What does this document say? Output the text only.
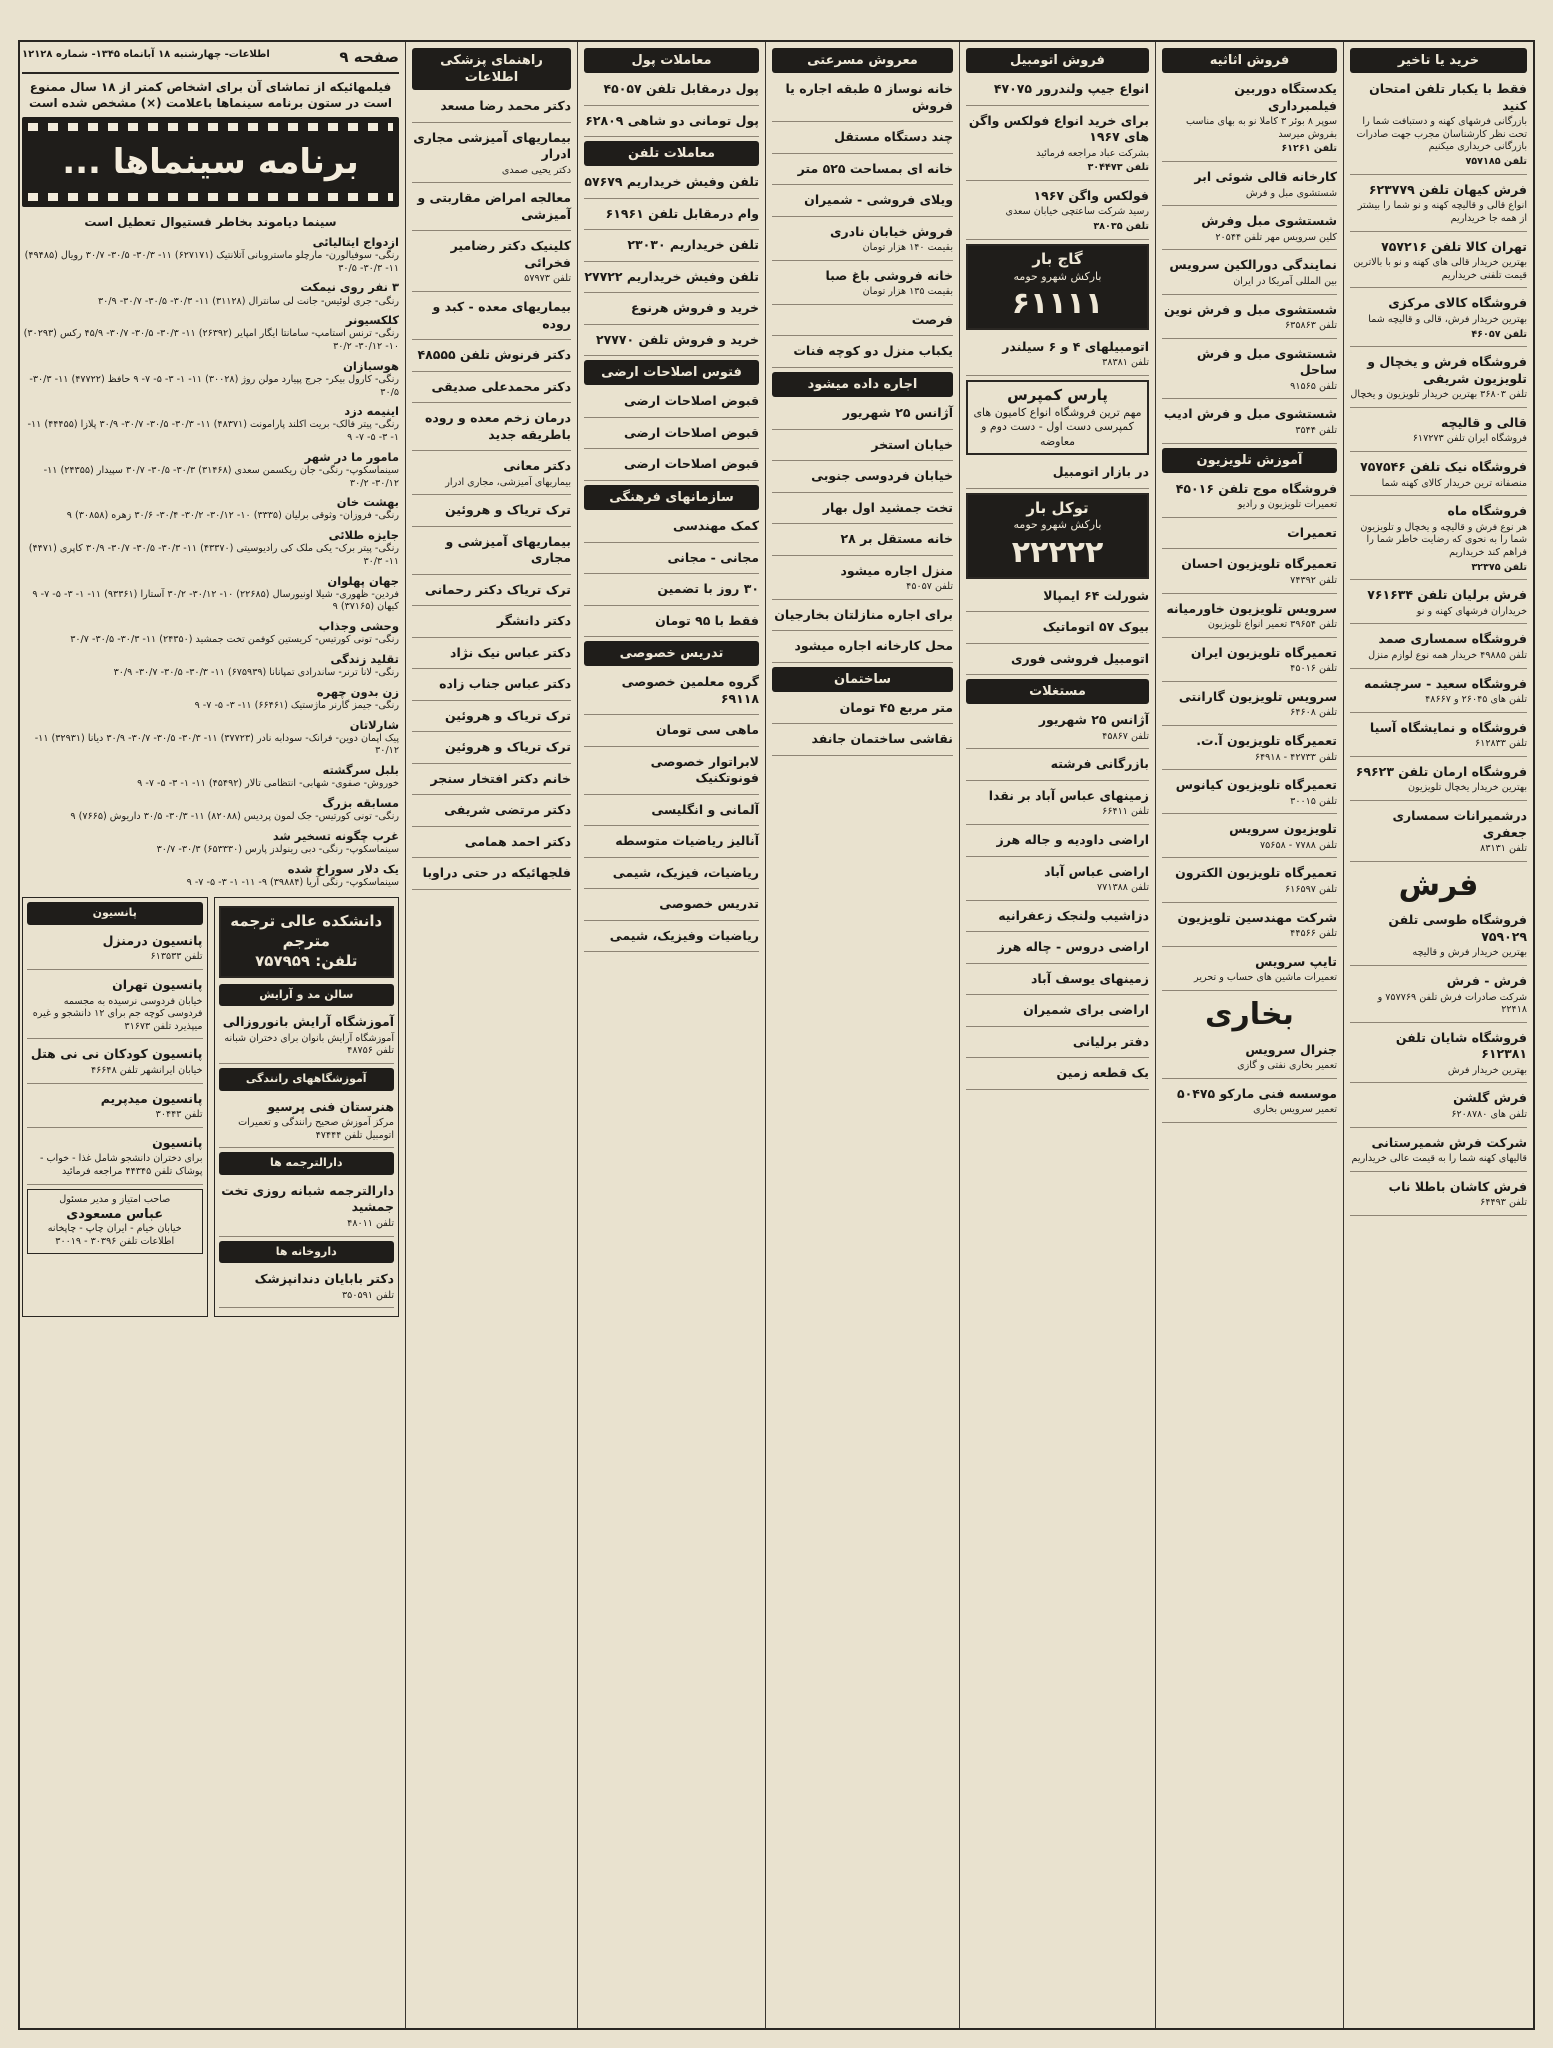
خرید یا تاخیر
فقط با یکبار تلفن امتحان کنید

بازرگانی فرشهای کهنه و دستبافت شما را تحت نظر کارشناسان مجرب جهت صادرات بازرگانی خریداری میکنیم

تلفن ۷۵۷۱۸۵
فرش کیهان تلفن ۶۲۳۷۷۹

انواع قالی و قالیچه کهنه و نو شما را بیشتر از همه جا خریداریم

تهران کالا تلفن ۷۵۷۲۱۶

بهترین خریدار قالی های کهنه و نو با بالاترین قیمت تلفنی خریداریم

فروشگاه کالای مرکزی

بهترین خریدار فرش، قالی و قالیچه شما

تلفن ۴۶۰۵۷
فروشگاه فرش و یخچال و تلویزیون شریفی

تلفن ۳۶۸۰۳ بهترین خریدار تلویزیون و یخچال

قالی و قالیچه

فروشگاه ایران تلفن ۶۱۷۲۷۳

فروشگاه نیک تلفن ۷۵۷۵۴۶

منصفانه ترین خریدار کالای کهنه شما

فروشگاه ماه

هر نوع فرش و قالیچه و یخچال و تلویزیون شما را به نحوی که رضایت خاطر شما را فراهم کند خریداریم

تلفن ۳۲۳۷۵
فرش برلیان تلفن ۷۶۱۶۳۴

خریداران فرشهای کهنه و نو

فروشگاه سمساری صمد

تلفن ۴۹۸۸۵ خریدار همه نوع لوازم منزل

فروشگاه سعید - سرچشمه

تلفن های ۲۶۰۴۵ و ۴۸۶۶۷

فروشگاه و نمایشگاه آسیا

تلفن ۶۱۲۸۳۳

فروشگاه ارمان تلفن ۶۹۶۲۳

بهترین خریدار یخچال تلویزیون

درشمیرانات سمساری جعفری

تلفن ۸۳۱۳۱

فرش
فروشگاه طوسی تلفن ۷۵۹۰۲۹

بهترین خریدار فرش و قالیچه

فرش - فرش

شرکت صادرات فرش تلفن ۷۵۷۷۶۹ و ۲۲۴۱۸

فروشگاه شایان تلفن ۶۱۲۳۸۱

بهترین خریدار فرش

فرش گلشن

تلفن های ۶۲۰۸۷۸۰

شرکت فرش شمیرستانی

قالیهای کهنه شما را به قیمت عالی خریداریم

فرش کاشان باطلا ناب

تلفن ۶۴۴۹۳

فروش اثاثیه
یکدستگاه دوربین فیلمبرداری

سوپر ۸ بوئر ۳ کاملا نو به بهای مناسب بفروش میرسد

تلفن ۶۱۲۶۱
کارخانه قالی شوئی ابر

شستشوی مبل و فرش

شستشوی مبل وفرش

کلین سرویس مهر تلفن ۲۰۵۴۴

نمایندگی دورالکین سرویس

بین المللی آمریکا در ایران

شستشوی مبل و فرش نوین

تلفن ۶۳۵۸۶۳

شستشوی مبل و فرش ساحل

تلفن ۹۱۵۶۵

شستشوی مبل و فرش ادیب

تلفن ۳۵۴۴

آموزش تلویزیون
فروشگاه موج تلفن ۴۵۰۱۶

تعمیرات تلویزیون و رادیو

تعمیرات
تعمیرگاه تلویزیون احسان

تلفن ۷۴۳۹۲

سرویس تلویزیون خاورمیانه

تلفن ۳۹۶۵۴ تعمیر انواع تلویزیون

تعمیرگاه تلویزیون ایران

تلفن ۴۵۰۱۶

سرویس تلویزیون گارانتی

تلفن ۶۴۶۰۸

تعمیرگاه تلویزیون آ.ت.

تلفن ۴۲۷۳۳ - ۶۴۹۱۸

تعمیرگاه تلویزیون کیانوس

تلفن ۳۰۰۱۵

تلویزیون سرویس

تلفن ۷۷۸۸ - ۷۵۶۵۸

تعمیرگاه تلویزیون الکترون

تلفن ۶۱۶۵۹۷

شرکت مهندسین تلویزیون

تلفن ۴۴۵۶۶

تایپ سرویس

تعمیرات ماشین های حساب و تحریر

بخاری
جنرال سرویس

تعمیر بخاری نفتی و گازی

موسسه فنی مارکو ۵۰۴۷۵

تعمیر سرویس بخاری

فروش اتومبیل
انواع جیپ ولندرور ۴۷۰۷۵
برای خرید انواع فولکس واگن های ۱۹۶۷

بشرکت عباد مراجعه فرمائید

تلفن ۳۰۴۴۷۳
فولکس واگن ۱۹۶۷

رسید شرکت ساعتچی خیابان سعدی

تلفن ۳۸۰۳۵
گاج بار
بارکش شهرو حومه
۶۱۱۱۱
اتومبیلهای ۴ و ۶ سیلندر

تلفن ۳۸۳۸۱

پارس کمپرس
مهم ترین فروشگاه انواع کامیون های کمپرسی دست اول - دست دوم و معاوضه
در بازار اتومبیل
توکل بار
بارکش شهرو حومه
۲۲۲۲۲
شورلت ۶۴ ایمپالا
بیوک ۵۷ اتوماتیک
اتومبیل فروشی فوری
مستغلات
آژانس ۲۵ شهریور

تلفن ۴۵۸۶۷

بازرگانی فرشته
زمینهای عباس آباد بر نقدا

تلفن ۶۶۴۱۱

اراضی داودیه و جاله هرز
اراضی عباس آباد

تلفن ۷۷۱۳۸۸

دزاشیب ولنجک زعفرانیه
اراضی دروس - چاله هرز
زمینهای یوسف آباد
اراضی برای شمیران
دفتر برلیانی
یک قطعه زمین
معروش مسرعتی
خانه نوساز ۵ طبقه اجاره یا فروش
چند دستگاه مستقل
خانه ای بمساحت ۵۲۵ متر
ویلای فروشی - شمیران
فروش خیابان نادری

بقیمت ۱۴۰ هزار تومان

خانه فروشی باغ صبا

بقیمت ۱۳۵ هزار تومان

فرصت
یکباب منزل دو کوچه فنات
اجاره داده میشود
آژانس ۲۵ شهریور
خیابان استخر
خیابان فردوسی جنوبی
تخت جمشید اول بهار
خانه مستقل بر ۲۸
منزل اجاره میشود

تلفن ۴۵۰۵۷

برای اجاره منازلتان بخارجیان
محل کارخانه اجاره میشود
ساختمان
متر مربع ۴۵ تومان
نقاشی ساختمان جانفد
معاملات پول
پول درمقابل تلفن ۴۵۰۵۷
پول تومانی دو شاهی ۶۲۸۰۹
معاملات تلفن
تلفن وفیش خریداریم ۵۷۶۷۹
وام درمقابل تلفن ۶۱۹۶۱
تلفن خریداریم ۲۳۰۳۰
تلفن وفیش خریداریم ۲۷۷۲۲
خرید و فروش هرنوع
خرید و فروش تلفن ۲۷۷۷۰
فتوس اصلاحات ارضی
قبوض اصلاحات ارضی
قبوض اصلاحات ارضی
قبوض اصلاحات ارضی
سازمانهای فرهنگی
کمک مهندسی
مجانی - مجانی
۳۰ روز با تضمین
فقط با ۹۵ تومان
تدریس خصوصی
گروه معلمین خصوصی ۶۹۱۱۸
ماهی سی تومان
لابراتوار خصوصی فونوتکنیک
آلمانی و انگلیسی
آنالیز ریاضیات متوسطه
ریاضیات، فیزیک، شیمی
تدریس خصوصی
ریاضیات وفیزیک، شیمی
راهنمای پزشکی اطلاعات
دکتر محمد رضا مسعد
بیماریهای آمیزشی مجاری ادرار

دکتر یحیی صمدی

معالجه امراض مقاربتی و آمیزشی
کلینیک دکتر رضامیر فخرائی

تلفن ۵۷۹۷۳

بیماریهای معده - کبد و روده
دکتر فرنوش تلفن ۴۸۵۵۵
دکتر محمدعلی صدیقی
درمان زخم معده و روده باطریقه جدید
دکتر معانی

بیماریهای آمیزشی، مجاری ادرار

ترک تریاک و هروئین
بیماریهای آمیزشی و مجاری
ترک تریاک دکتر رحمانی
دکتر دانشگر
دکتر عباس نیک نژاد
دکتر عباس جناب زاده
ترک تریاک و هروئین
ترک تریاک و هروئین
خانم دکتر افتخار سنجر
دکتر مرتضی شریفی
دکتر احمد همامی
فلجهائیکه در حتی دراوبا
صفحه ۹
اطلاعات- چهارشنبه ۱۸ آبانماه ۱۳۴۵- شماره ۱۲۱۲۸
فیلمهائیکه از تماشای آن برای اشخاص کمتر از ۱۸ سال ممنوع است در ستون برنامه سینماها باعلامت (×) مشخص شده است
برنامه سینماها ...
سینما دیاموند بخاطر فستیوال تعطیل است
ازدواج ایتالیائی
رنگی- سوفیالورن- مارچلو ماستروبانی آتلانتیک (۶۲۷۱۷۱) ۱۱- ۳۰/۳- ۳۰/۵- ۳۰/۷ رویال (۴۹۴۸۵) ۱۱- ۳۰/۳- ۳۰/۵
۳ نفر روی نیمکت
رنگی- جری لوئیس- جانت لی سانترال (۳۱۱۲۸) ۱۱- ۳۰/۳- ۳۰/۵- ۳۰/۷- ۳۰/۹
کلکسیونر
رنگی- ترنس استامپ- سامانتا ایگار امپایر (۲۶۳۹۲) ۱۱- ۳۰/۳- ۳۰/۵- ۳۰/۷- ۴۵/۹ رکس (۳۰۲۹۳) ۱۰- ۳۰/۱۲- ۳۰/۲
هوسبازان
رنگی- کارول بیکر- جرج پپیارد مولن روژ (۳۰۰۲۸) ۱۱- ۱- ۳- ۵- ۷- ۹ حافظ (۴۷۷۲۲) ۱۱- ۳۰/۳- ۳۰/۵
اینیمه دزد
رنگی- پیتر فالک- بریت اکلند پارامونت (۴۸۳۷۱) ۱۱- ۳۰/۳- ۳۰/۵- ۳۰/۷- ۳۰/۹ پلازا (۴۴۴۵۵) ۱۱- ۱- ۳- ۵- ۷- ۹
مامور ما در شهر
سینماسکوپ- رنگی- جان ریکسمن سعدی (۳۱۴۶۸) ۳۰/۳- ۳۰/۵- ۳۰/۷ سپیدار (۲۴۳۵۵) ۱۱- ۳۰/۱۲- ۳۰/۲
بهشت خان
رنگی- فروزان- وثوقی برلیان (۳۳۳۵) ۱۰- ۳۰/۱۲- ۳۰/۲- ۳۰/۴- ۳۰/۶ زهره (۳۰۸۵۸) ۹
جایزه طلائی
رنگی- پیتر برک- یکی ملک کی رادیوسیتی (۴۳۳۷۰) ۱۱- ۳۰/۳- ۳۰/۵- ۳۰/۷- ۳۰/۹ کاپری (۴۴۷۱) ۱۱- ۳۰/۳
جهان پهلوان
فردین- ظهوری- شیلا اونیورسال (۲۲۶۸۵) ۱۰- ۳۰/۱۲- ۳۰/۲ آستارا (۹۳۳۶۱) ۱۱- ۱- ۳- ۵- ۷- ۹ کیهان (۳۷۱۶۵) ۹
وحشی وجذاب
رنگی- تونی کورتیس- کریستین کوفمن تخت جمشید (۲۴۳۵۰) ۱۱- ۳۰/۳- ۳۰/۵- ۳۰/۷
تقلید زندگی
رنگی- لانا ترنر- ساندرادی تمپانانا (۶۷۵۹۳۹) ۱۱- ۳۰/۳- ۳۰/۵- ۳۰/۷- ۳۰/۹
زن بدون چهره
رنگی- جیمز گارنر ماژستیک (۶۶۴۶۱) ۱۱- ۳- ۵- ۷- ۹
شارلاتان
پیک اپمان دوین- فرانک- سودابه نادر (۳۷۷۲۳) ۱۱- ۳۰/۳- ۳۰/۵- ۳۰/۷- ۳۰/۹ دیانا (۳۲۹۳۱) ۱۱- ۳۰/۱۲
بلبل سرگشته
خوروش- صفوی- شهابی- انتظامی تالار (۴۵۴۹۲) ۱۱- ۱- ۳- ۵- ۷- ۹
مسابقه بزرگ
رنگی- تونی کورتیس- جک لمون پردیس (۸۲۰۸۸) ۱۱- ۳۰/۳- ۳۰/۵ داریوش (۷۶۶۵) ۹
غرب چگونه تسخیر شد
سینماسکوپ- رنگی- دبی رینولدز پارس (۶۵۳۳۳۰) ۳۰/۳- ۳۰/۷
یک دلار سوراخ شده
سینماسکوپ- رنگی آریا (۳۹۸۸۴) ۹- ۱۱- ۱- ۳- ۵- ۷- ۹
دانشکده عالی ترجمه مترجم
تلفن: ۷۵۷۹۵۹
سالن مد و آرایش
آموزشگاه آرایش بانوروزالی

آموزشگاه آرایش بانوان برای دختران شبانه تلفن ۴۸۷۵۶

آموزشگاههای رانندگی
هنرستان فنی پرسیو

مرکز آموزش صحیح رانندگی و تعمیرات اتومبیل تلفن ۴۷۴۴۴

دارالترجمه ها
دارالترجمه شبانه روزی تخت جمشید

تلفن ۴۸۰۱۱

داروخانه ها
دکتر بابایان دندانپزشک

تلفن ۳۵۰۵۹۱

پانسیون
پانسیون درمنزل

تلفن ۶۱۳۵۳۳

پانسیون تهران

خیابان فردوسی نرسیده به مجسمه فردوسی کوچه جم برای ۱۲ دانشجو و غیره میپذیرد تلفن ۳۱۶۷۳

پانسیون کودکان نی نی هتل

خیابان ایرانشهر تلفن ۴۶۶۴۸

پانسیون میدپریم

تلفن ۳۰۴۴۳

پانسیون

برای دختران دانشجو شامل غذا - خواب - پوشاک تلفن ۴۴۳۴۵ مراجعه فرمائید

صاحب امتیاز و مدیر مسئول
عباس مسعودی
خیابان خیام - ایران چاپ - چاپخانه اطلاعات تلفن ۳۰۳۹۶ - ۳۰۰۱۹
